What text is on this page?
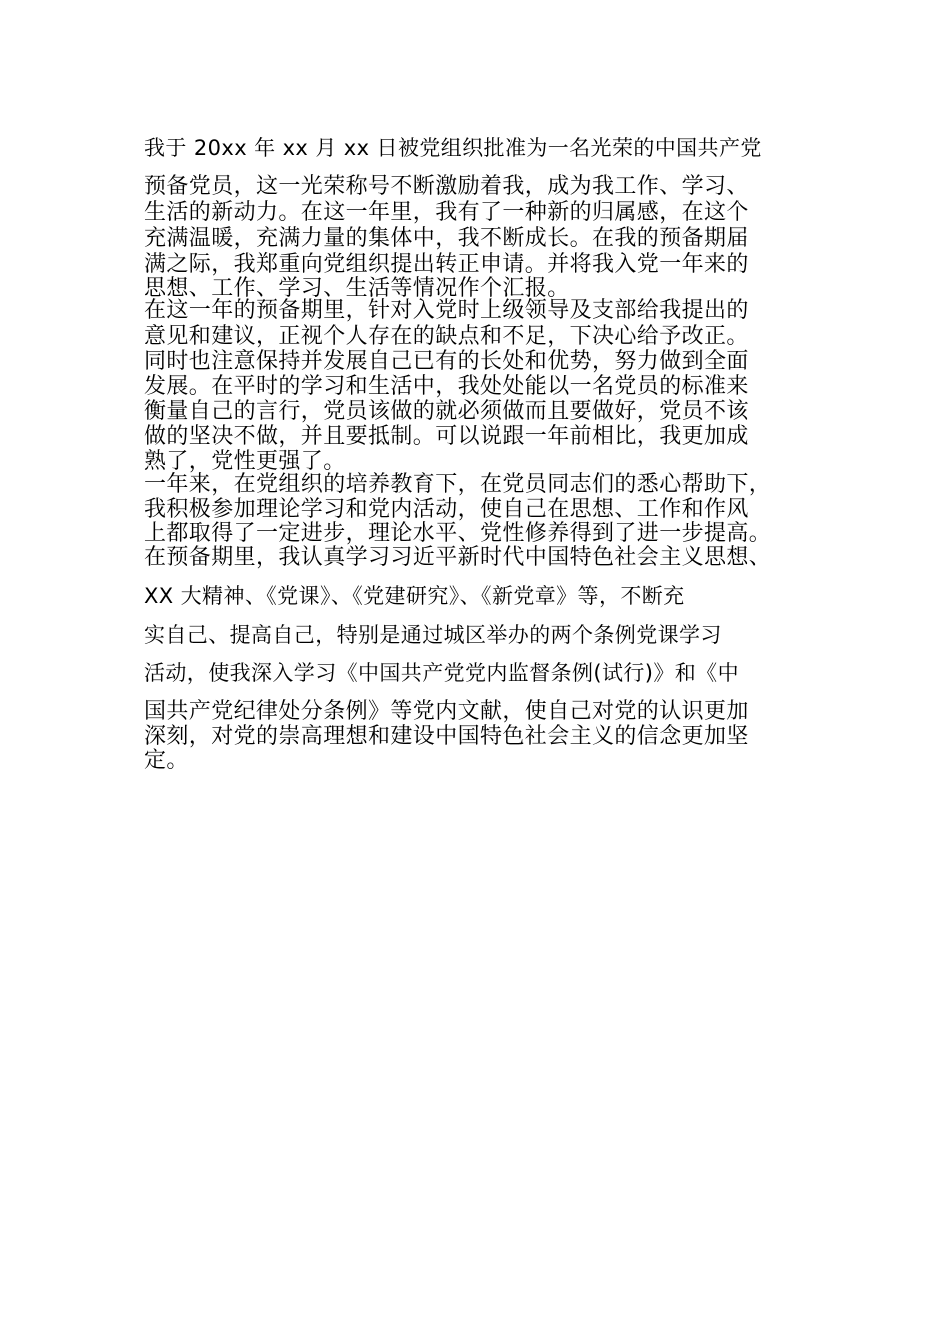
我于 20xx 年 xx 月 xx 日被党组织批准为一名光荣的中国共产党
预备党员，这一光荣称号不断激励着我，成为我工作、学习、
生活的新动力。在这一年里，我有了一种新的归属感，在这个
充满温暖，充满力量的集体中，我不断成长。在我的预备期届
满之际，我郑重向党组织提出转正申请。并将我入党一年来的
思想、工作、学习、生活等情况作个汇报。
在这一年的预备期里，针对入党时上级领导及支部给我提出的
意见和建议，正视个人存在的缺点和不足，下决心给予改正。
同时也注意保持并发展自己已有的长处和优势，努力做到全面
发展。在平时的学习和生活中，我处处能以一名党员的标准来
衡量自己的言行，党员该做的就必须做而且要做好，党员不该
做的坚决不做，并且要抵制。可以说跟一年前相比，我更加成
熟了，党性更强了。
一年来，在党组织的培养教育下，在党员同志们的悉心帮助下，
我积极参加理论学习和党内活动，使自己在思想、工作和作风
上都取得了一定进步，理论水平、党性修养得到了进一步提高。
在预备期里，我认真学习习近平新时代中国特色社会主义思想、
XX 大精神、《党课》、《党建研究》、《新党章》等，不断充
实自己、提高自己，特别是通过城区举办的两个条例党课学习
活动，使我深入学习《中国共产党党内监督条例(试行)》和《中
国共产党纪律处分条例》等党内文献，使自己对党的认识更加
深刻，对党的崇高理想和建设中国特色社会主义的信念更加坚
定。
